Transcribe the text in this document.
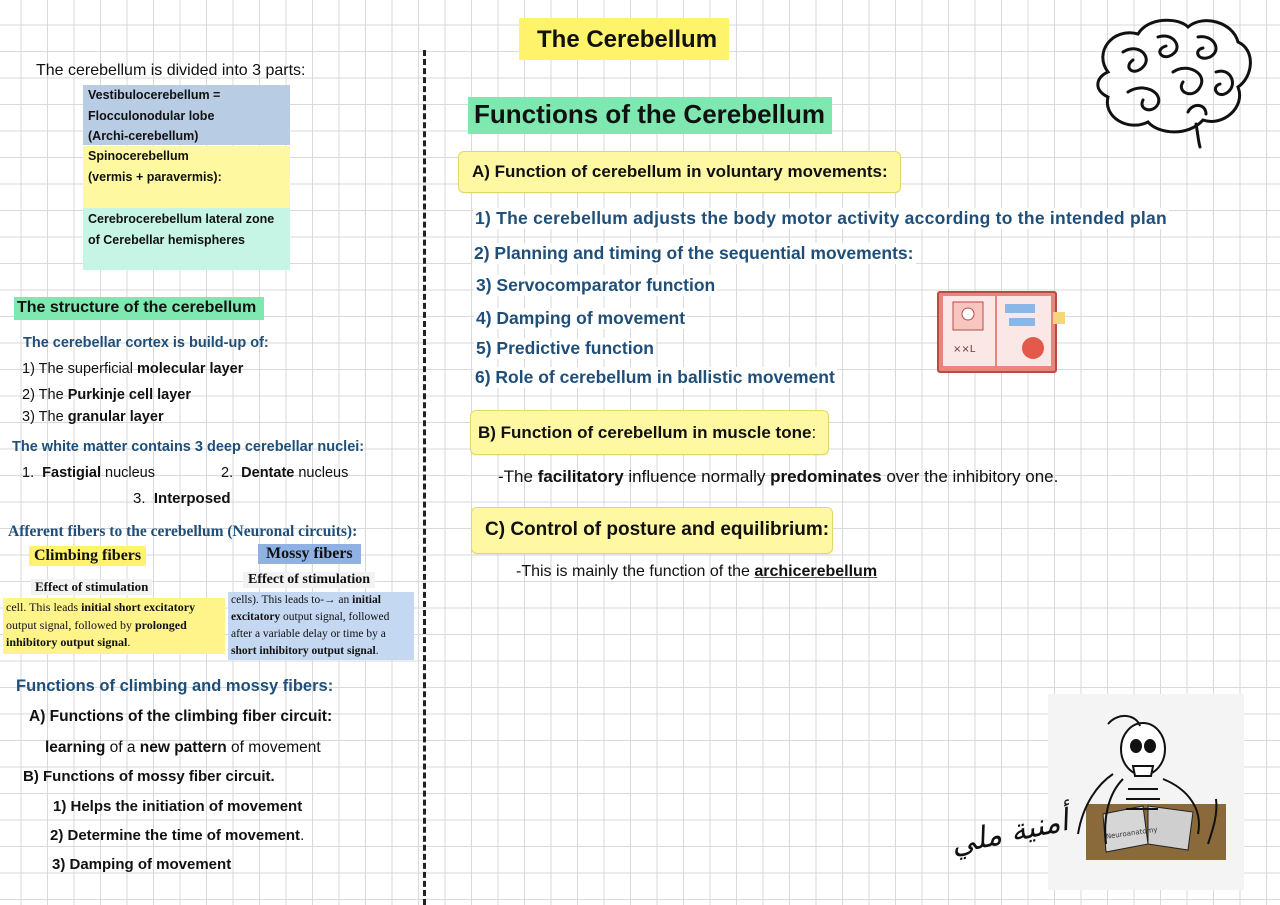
The cerebellum is divided into 3 parts:
Vestibulocerebellum =
Flocculonodular lobe
(Archi-cerebellum)
Spinocerebellum
(vermis + paravermis):
Cerebrocerebellum lateral zone
of Cerebellar hemispheres
The structure of the cerebellum
The cerebellar cortex is build-up of:
1) The superficial molecular layer
2) The Purkinje cell layer
3) The granular layer
The white matter contains 3 deep cerebellar nuclei:
1. Fastigial nucleus	2. Dentate nucleus
3. Interposed
Afferent fibers to the cerebellum (Neuronal circuits):
Climbing fibers	Mossy fibers
Effect of stimulation	Effect of stimulation
cell. This leads initial short excitatory
output signal, followed by prolonged
inhibitory output signal.
cells). This leads to-→ an initial
excitatory output signal, followed
after a variable delay or time by a
short inhibitory output signal.
Functions of climbing and mossy fibers:
A) Functions of the climbing fiber circuit:
learning of a new pattern of movement
B) Functions of mossy fiber circuit.
1) Helps the initiation of movement
2) Determine the time of movement.
3) Damping of movement
The Cerebellum
Functions of the Cerebellum
A) Function of cerebellum in voluntary movements:
1) The cerebellum adjusts the body motor activity according to the intended plan
2) Planning and timing of the sequential movements:
3) Servocomparator function
4) Damping of movement
5) Predictive function
6) Role of cerebellum in ballistic movement
B) Function of cerebellum in muscle tone:
-The facilitatory influence normally predominates over the inhibitory one.
C) Control of posture and equilibrium:
-This is mainly the function of the archicerebellum
××L
Neuroanatomy
أمنية ملي
